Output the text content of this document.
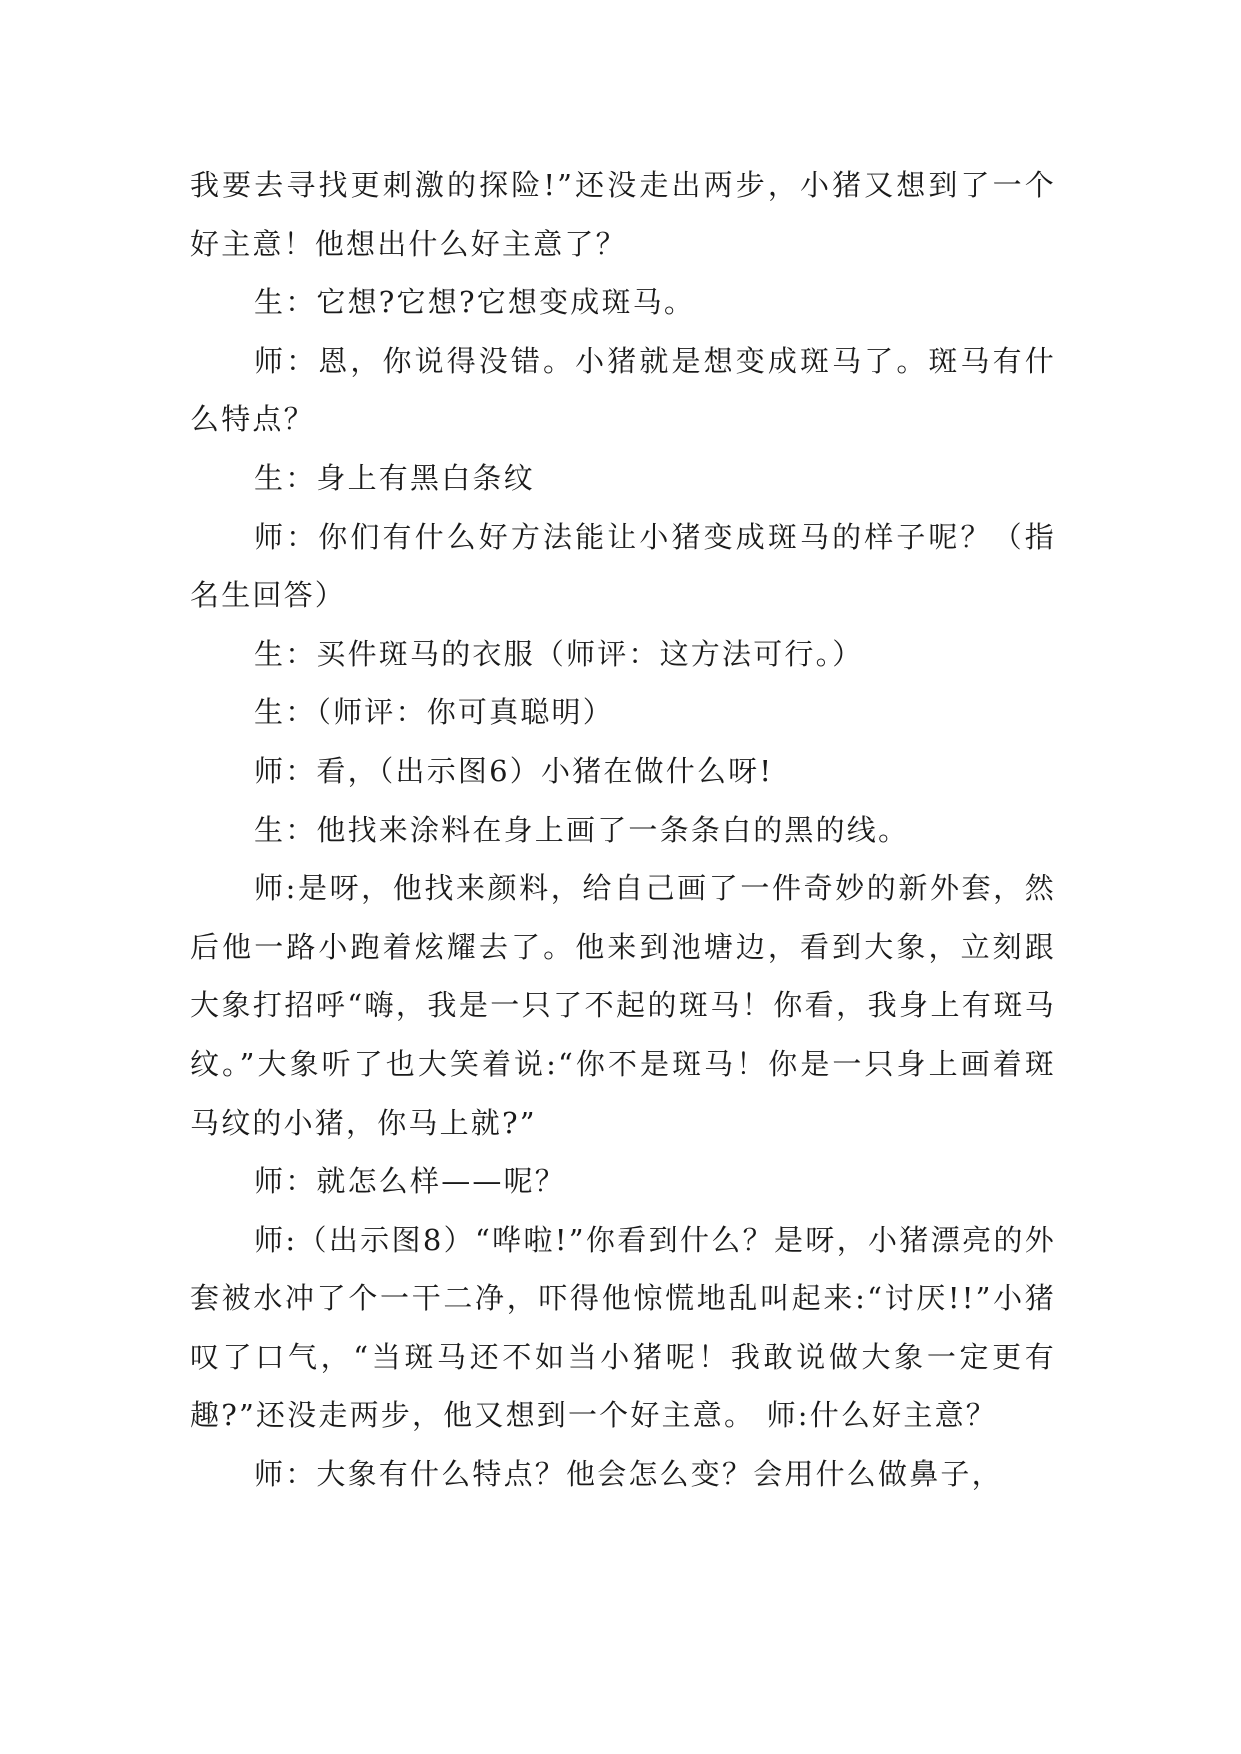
我要去寻找更刺激的探险!”还没走出两步，小猪又想到了一个好主意！他想出什么好主意了？

生：它想?它想?它想变成斑马。

师：恩，你说得没错。小猪就是想变成斑马了。斑马有什么特点？

生：身上有黑白条纹

师：你们有什么好方法能让小猪变成斑马的样子呢？（指名生回答）

生：买件斑马的衣服（师评：这方法可行。）

生：（师评：你可真聪明）

师：看，（出示图6）小猪在做什么呀!

生：他找来涂料在身上画了一条条白的黑的线。

师:是呀，他找来颜料，给自己画了一件奇妙的新外套，然后他一路小跑着炫耀去了。他来到池塘边，看到大象，立刻跟大象打招呼“嗨，我是一只了不起的斑马！你看，我身上有斑马纹。”大象听了也大笑着说:“你不是斑马！你是一只身上画着斑马纹的小猪，你马上就?”

师：就怎么样——呢？

师:（出示图8）“哗啦!”你看到什么？是呀，小猪漂亮的外套被水冲了个一干二净，吓得他惊慌地乱叫起来:“讨厌!!”小猪叹了口气，“当斑马还不如当小猪呢！我敢说做大象一定更有趣?”还没走两步，他又想到一个好主意。 师:什么好主意？

师：大象有什么特点？他会怎么变？会用什么做鼻子，
